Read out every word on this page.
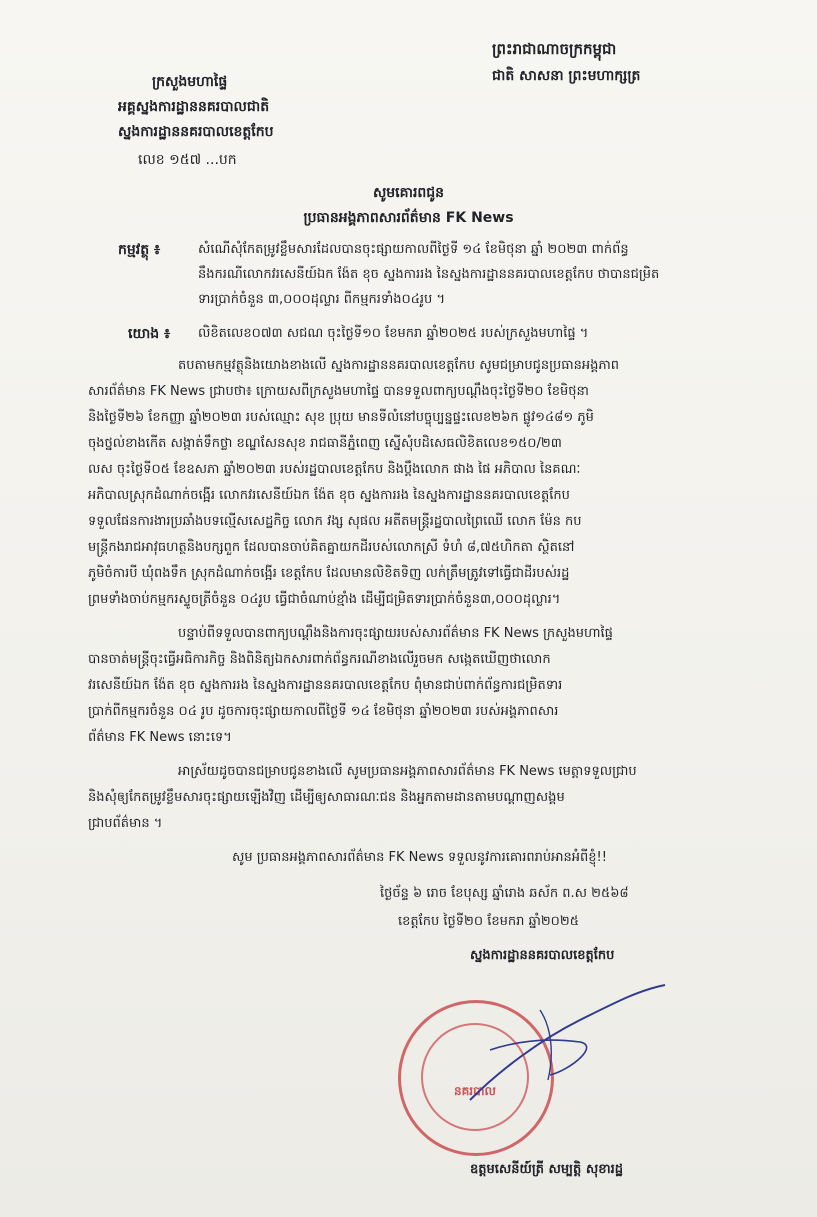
ព្រះរាជាណាចក្រកម្ពុជា
ជាតិ សាសនា ព្រះមហាក្សត្រ
ក្រសួងមហាផ្ទៃ
អគ្គស្នងការដ្ឋាននគរបាលជាតិ
ស្នងការដ្ឋាននគរបាលខេត្តកែប
លេខ ១៥៧ ...បក
សូមគោរពជូន
ប្រធានអង្គភាពសារព័ត៌មាន FK News
កម្មវត្ថុ ៖	សំណើសុំកែតម្រូវខ្លឹមសារដែលបានចុះផ្សាយកាលពីថ្ងៃទី ១៤ ខែមិថុនា ឆ្នាំ ២០២៣ ពាក់ព័ន្ធ
នឹងករណីលោកវរសេនីយ៍ឯក ង៉ែត ខុច ស្នងការរង នៃស្នងការដ្ឋាននគរបាលខេត្តកែប ថាបានជម្រិត
ទារប្រាក់ចំនួន ៣,០០០ដុល្លារ ពីកម្មករទាំង០៤រូប ។
យោង ៖ លិខិតលេខ០៧៣ សជណ ចុះថ្ងៃទី១០ ខែមករា ឆ្នាំ២០២៥ របស់ក្រសួងមហាផ្ទៃ ។
តបតាមកម្មវត្ថុនិងយោងខាងលើ ស្នងការដ្ឋាននគរបាលខេត្តកែប សូមជម្រាបជូនប្រធានអង្គភាព
សារព័ត៌មាន FK News ជ្រាបថា៖ ក្រោយសពីក្រសួងមហាផ្ទៃ បានទទួលពាក្យបណ្តឹងចុះថ្ងៃទី២០ ខែមិថុនា
និងថ្ងៃទី២៦ ខែកញ្ញា ឆ្នាំ២០២៣ របស់ឈ្មោះ សុខ ប្រុយ មានទីលំនៅបច្ចុប្បន្នផ្ទះលេខ២៦ក ផ្លូវ១៤៨១ ភូមិ
ចុងថ្នល់ខាងកើត សង្កាត់ទឹកថ្លា ខណ្ឌសែនសុខ រាជធានីភ្នំពេញ ស្នើសុំបដិសេធលិខិតលេខ១៥០/២៣
លស ចុះថ្ងៃទី០៥ ខែឧសភា ឆ្នាំ២០២៣ របស់រដ្ឋបាលខេត្តកែប និងប្តឹងលោក ផាង ផៃ អភិបាល នៃគណៈ
អភិបាលស្រុកដំណាក់ចង្អើរ លោកវរសេនីយ៍ឯក ង៉ែត ខុច ស្នងការរង នៃស្នងការដ្ឋាននគរបាលខេត្តកែប
ទទួលផែនការងារប្រឆាំងបទល្មើសសេដ្ឋកិច្ច លោក វង្ស សុផល អតីតមន្ត្រីរដ្ឋបាលព្រៃឈើ លោក ម៉ែន កប
មន្ត្រីកងរាជអាវុធហត្ថនិងបក្សពួក ដែលបានចាប់គិតគ្នាយកដីរបស់លោកស្រី ទំហំ ៨,៧៥ហិកតា ស្ថិតនៅ
ភូមិចំការបី ឃុំពងទឹក ស្រុកដំណាក់ចង្អើរ ខេត្តកែប ដែលមានលិខិតទិញ លក់ត្រឹមត្រូវទៅធ្វើជាដីរបស់រដ្ឋ
ព្រមទាំងចាប់កម្មករស្ទូចត្រីចំនួន ០៤រូប ធ្វើជាចំណាប់ខ្មាំង ដើម្បីជម្រិតទារប្រាក់ចំនួន៣,០០០ដុល្លារ។
បន្ទាប់ពីទទួលបានពាក្យបណ្តឹងនិងការចុះផ្សាយរបស់សារព័ត៌មាន FK News ក្រសួងមហាផ្ទៃ
បានចាត់មន្ត្រីចុះធ្វើអធិការកិច្ច និងពិនិត្យឯកសារពាក់ព័ន្ធករណីខាងលើរួចមក សង្កេតឃើញថាលោក
វរសេនីយ៍ឯក ង៉ែត ខុច ស្នងការរង នៃស្នងការដ្ឋាននគរបាលខេត្តកែប ពុំមានជាប់ពាក់ព័ន្ធការជម្រិតទារ
ប្រាក់ពីកម្មករចំនួន ០៤ រូប ដូចការចុះផ្សាយកាលពីថ្ងៃទី ១៤ ខែមិថុនា ឆ្នាំ២០២៣ របស់អង្គភាពសារ
ព័ត៌មាន FK News នោះទេ។
អាស្រ័យដូចបានជម្រាបជូនខាងលើ សូមប្រធានអង្គភាពសារព័ត៌មាន FK News មេត្តាទទួលជ្រាប
និងសុំឲ្យកែតម្រូវខ្លឹមសារចុះផ្សាយឡើងវិញ ដើម្បីឲ្យសាធារណៈជន និងអ្នកតាមដានតាមបណ្តាញសង្គម
ជ្រាបព័ត៌មាន ។
សូម ប្រធានអង្គភាពសារព័ត៌មាន FK News ទទួលនូវការគោរពរាប់អានអំពីខ្ញុំ!!
ថ្ងៃច័ន្ទ ៦ រោច ខែបុស្ស ឆ្នាំរោង ឆស័ក ព.ស ២៥៦៨
ខេត្តកែប ថ្ងៃទី២០ ខែមករា ឆ្នាំ២០២៥
ស្នងការដ្ឋាននគរបាលខេត្តកែប
នគរបាល
ឧត្តមសេនីយ៍ត្រី សម្បត្តិ សុខារដ្ឋ
